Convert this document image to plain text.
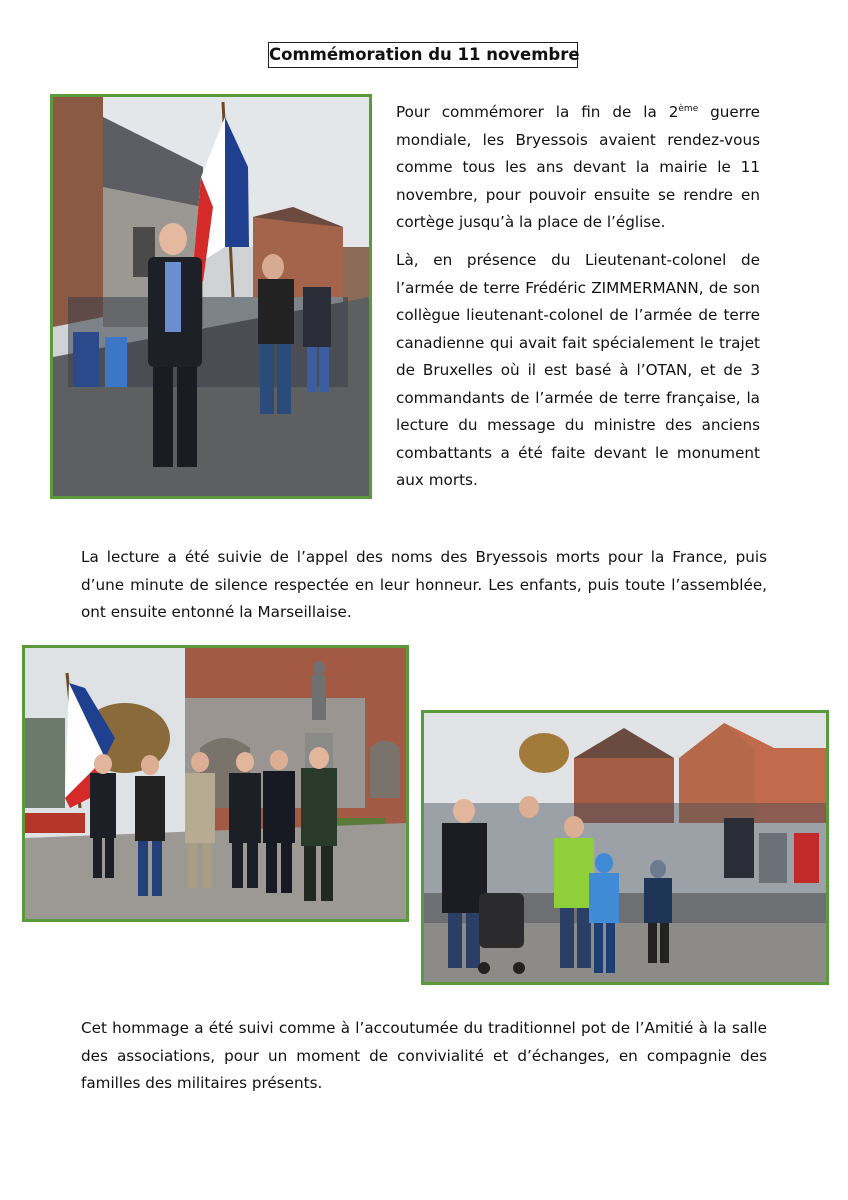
Commémoration du 11 novembre

Pour commémorer la fin de la 2ème guerre mondiale, les Bryessois avaient rendez-vous comme tous les ans devant la mairie le 11 novembre, pour pouvoir ensuite se rendre en cortège jusqu’à la place de l’église.

Là, en présence du Lieutenant-colonel de l’armée de terre Frédéric ZIMMERMANN, de son collègue lieutenant-colonel de l’armée de terre canadienne qui avait fait spécialement le trajet de Bruxelles où il est basé à l’OTAN, et de 3 commandants de l’armée de terre française, la lecture du message du ministre des anciens combattants a été faite devant le monument aux morts.

La lecture a été suivie de l’appel des noms des Bryessois morts pour la France, puis d’une minute de silence respectée en leur honneur. Les enfants, puis toute l’assemblée, ont ensuite entonné la Marseillaise.

Cet hommage a été suivi comme à l’accoutumée du traditionnel pot de l’Amitié à la salle des associations, pour un moment de convivialité et d’échanges, en compagnie des familles des militaires présents.
